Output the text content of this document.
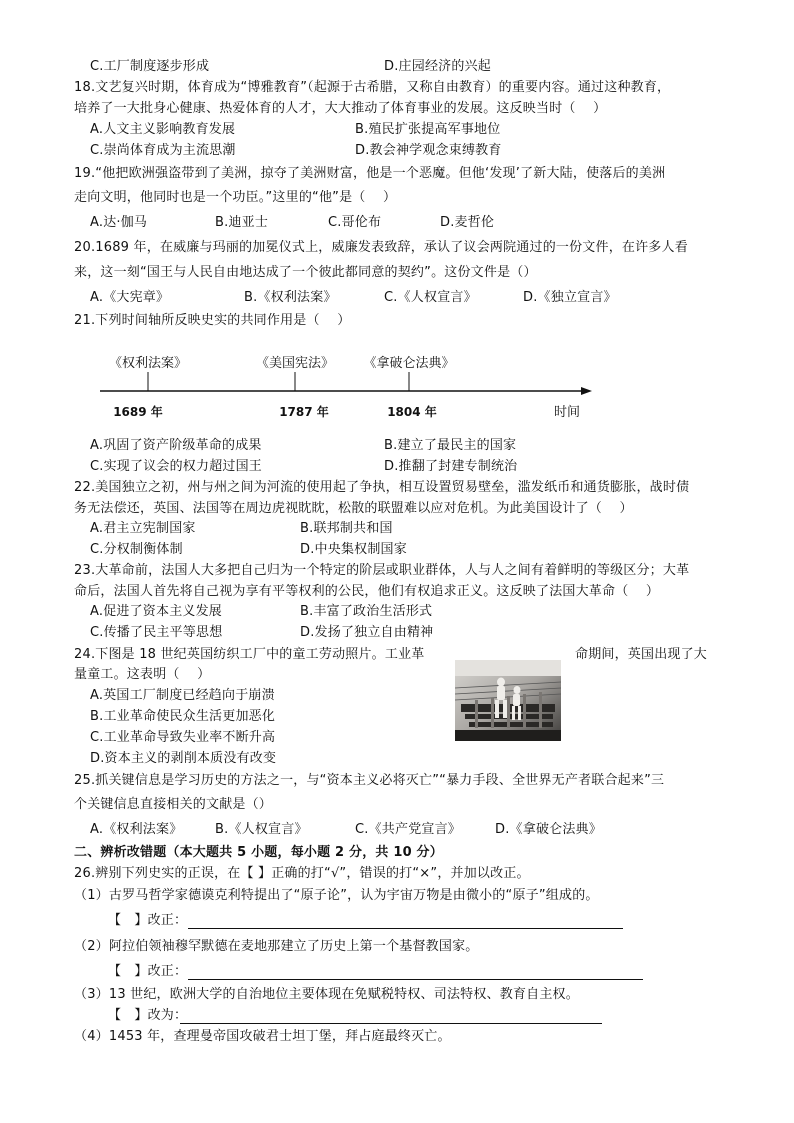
C.工厂制度逐步形成	D.庄园经济的兴起
18.文艺复兴时期，体育成为“博雅教育”（起源于古希腊，又称自由教育）的重要内容。通过这种教育，
培养了一大批身心健康、热爱体育的人才，大大推动了体育事业的发展。这反映当时（　 ）
A.人文主义影响教育发展	B.殖民扩张提高军事地位
C.崇尚体育成为主流思潮	D.教会神学观念束缚教育
19.“他把欧洲强盗带到了美洲，掠夺了美洲财富，他是一个恶魔。但他‘发现’了新大陆，使落后的美洲
走向文明，他同时也是一个功臣。”这里的“他”是（　 ）
A.达·伽马	B.迪亚士	C.哥伦布	D.麦哲伦
20.1689 年，在威廉与玛丽的加冕仪式上，威廉发表致辞，承认了议会两院通过的一份文件，在许多人看
来，这一刻“国王与人民自由地达成了一个彼此都同意的契约”。这份文件是（）
A.《大宪章》	B.《权利法案》	C.《人权宣言》	D.《独立宣言》
21.下列时间轴所反映史实的共同作用是（　 ）
《权利法案》	《美国宪法》 《拿破仑法典》
1689 年	1787 年	1804 年	时间
A.巩固了资产阶级革命的成果	B.建立了最民主的国家
C.实现了议会的权力超过国王	D.推翻了封建专制统治
22.美国独立之初，州与州之间为河流的使用起了争执，相互设置贸易壁垒，滥发纸币和通货膨胀，战时债
务无法偿还，英国、法国等在周边虎视眈眈，松散的联盟难以应对危机。为此美国设计了（　 ）
A.君主立宪制国家	B.联邦制共和国
C.分权制衡体制	D.中央集权制国家
23.大革命前，法国人大多把自己归为一个特定的阶层或职业群体，人与人之间有着鲜明的等级区分；大革
命后，法国人首先将自己视为享有平等权利的公民，他们有权追求正义。这反映了法国大革命（　 ）
A.促进了资本主义发展	B.丰富了政治生活形式
C.传播了民主平等思想	D.发扬了独立自由精神
24.下图是 18 世纪英国纺织工厂中的童工劳动照片。工业革	命期间，英国出现了大
量童工。这表明（　 ）
A.英国工厂制度已经趋向于崩溃
B.工业革命使民众生活更加恶化
C.工业革命导致失业率不断升高
D.资本主义的剥削本质没有改变
25.抓关键信息是学习历史的方法之一，与“资本主义必将灭亡”“暴力手段、全世界无产者联合起来”三
个关键信息直接相关的文献是（）
A.《权利法案》	B.《人权宣言》	C.《共产党宣言》	D.《拿破仑法典》
二、辨析改错题（本大题共 5 小题，每小题 2 分，共 10 分）
26.辨别下列史实的正误，在【 】正确的打“√”，错误的打“×”，并加以改正。
（1）古罗马哲学家德谟克利特提出了“原子论”，认为宇宙万物是由微小的“原子”组成的。
【　】改正：
（2）阿拉伯领袖穆罕默德在麦地那建立了历史上第一个基督教国家。
【　】改正：
（3）13 世纪，欧洲大学的自治地位主要体现在免赋税特权、司法特权、教育自主权。
【　】改为：
（4）1453 年，查理曼帝国攻破君士坦丁堡，拜占庭最终灭亡。
